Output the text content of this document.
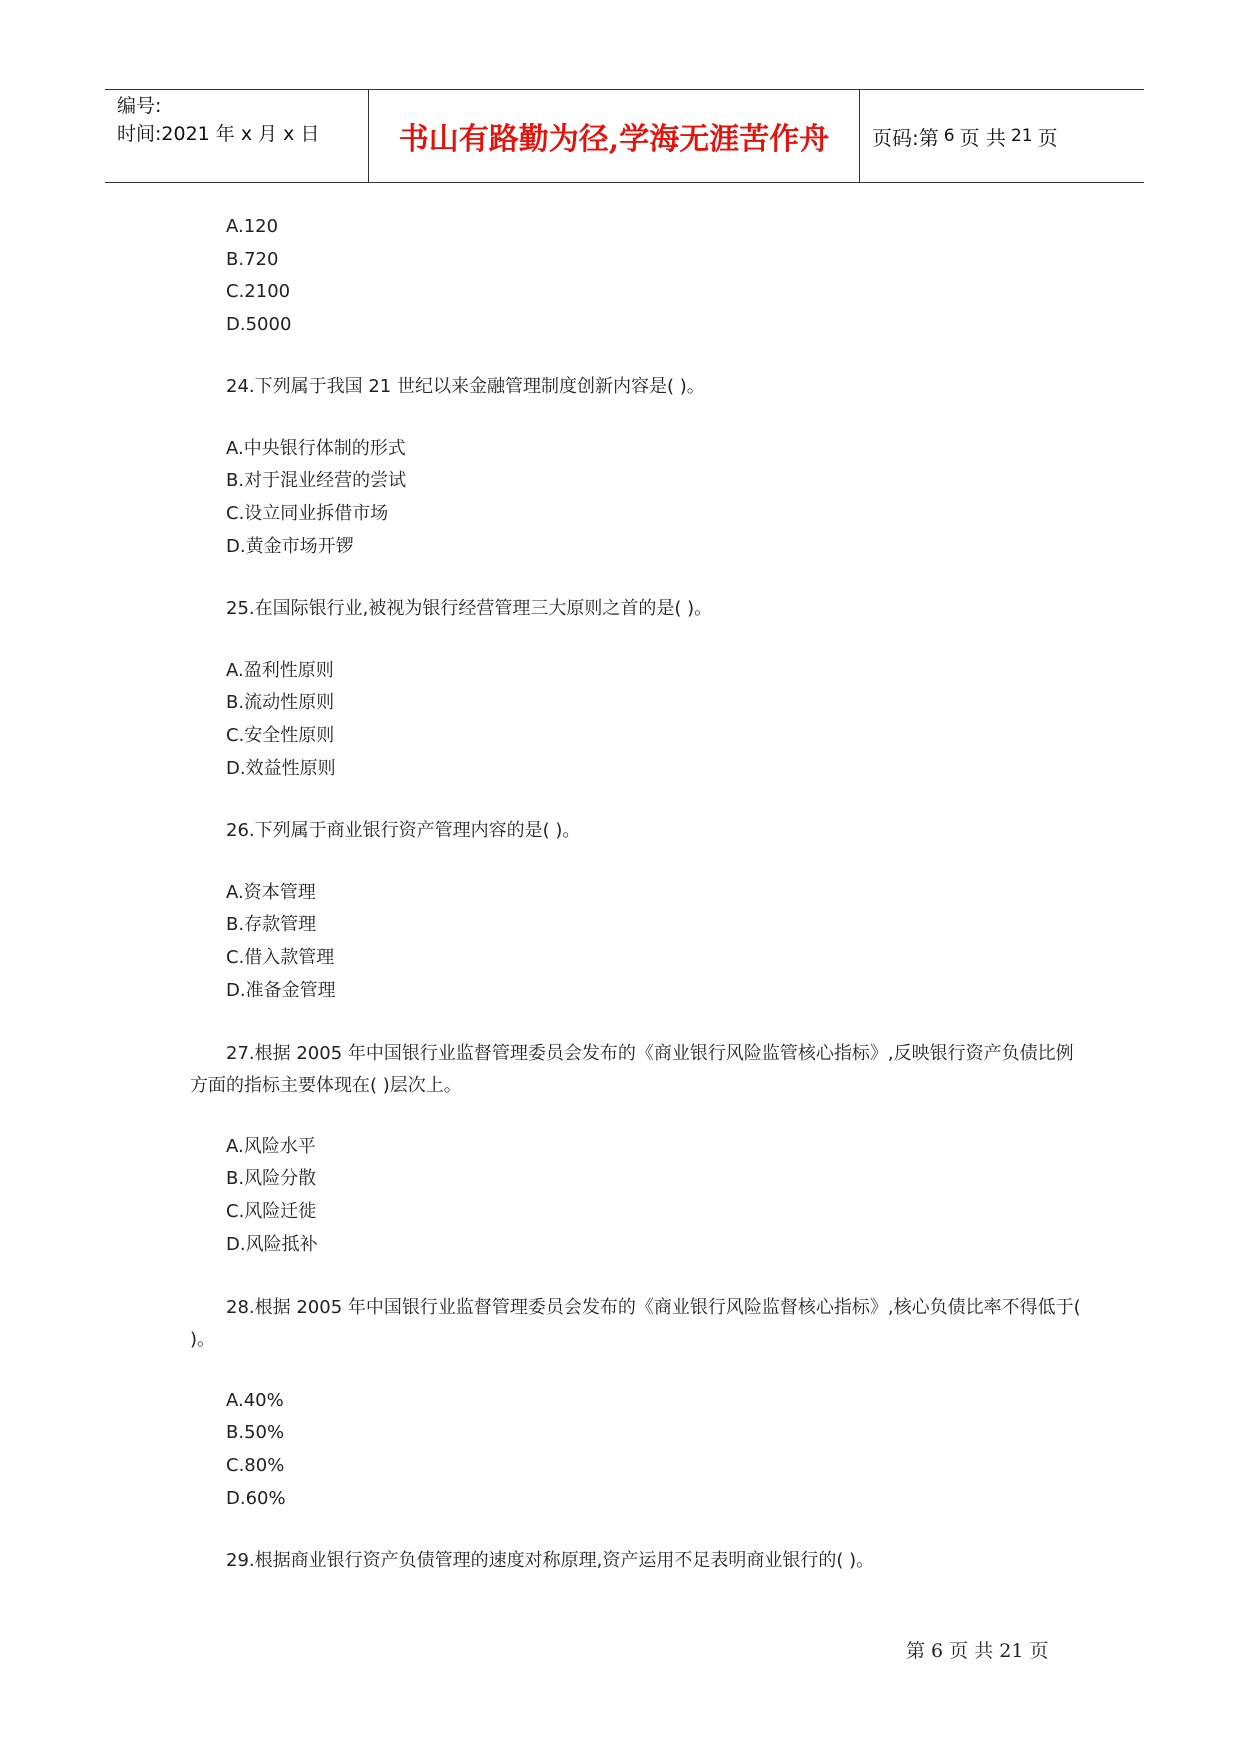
编号:
时间:2021 年 x 月 x 日	书山有路勤为径,学海无涯苦作舟	页码:第 6 页 共 21 页
A.120
B.720
C.2100
D.5000
24.下列属于我国 21 世纪以来金融管理制度创新内容是( )。
A.中央银行体制的形式
B.对于混业经营的尝试
C.设立同业拆借市场
D.黄金市场开锣
25.在国际银行业,被视为银行经营管理三大原则之首的是( )。
A.盈利性原则
B.流动性原则
C.安全性原则
D.效益性原则
26.下列属于商业银行资产管理内容的是( )。
A.资本管理
B.存款管理
C.借入款管理
D.准备金管理
27.根据 2005 年中国银行业监督管理委员会发布的《商业银行风险监管核心指标》,反映银行资产负债比例方面的指标主要体现在( )层次上。
A.风险水平
B.风险分散
C.风险迁徙
D.风险抵补
28.根据 2005 年中国银行业监督管理委员会发布的《商业银行风险监督核心指标》,核心负债比率不得低于( )。
A.40%
B.50%
C.80%
D.60%
29.根据商业银行资产负债管理的速度对称原理,资产运用不足表明商业银行的( )。
第 6 页 共 21 页
